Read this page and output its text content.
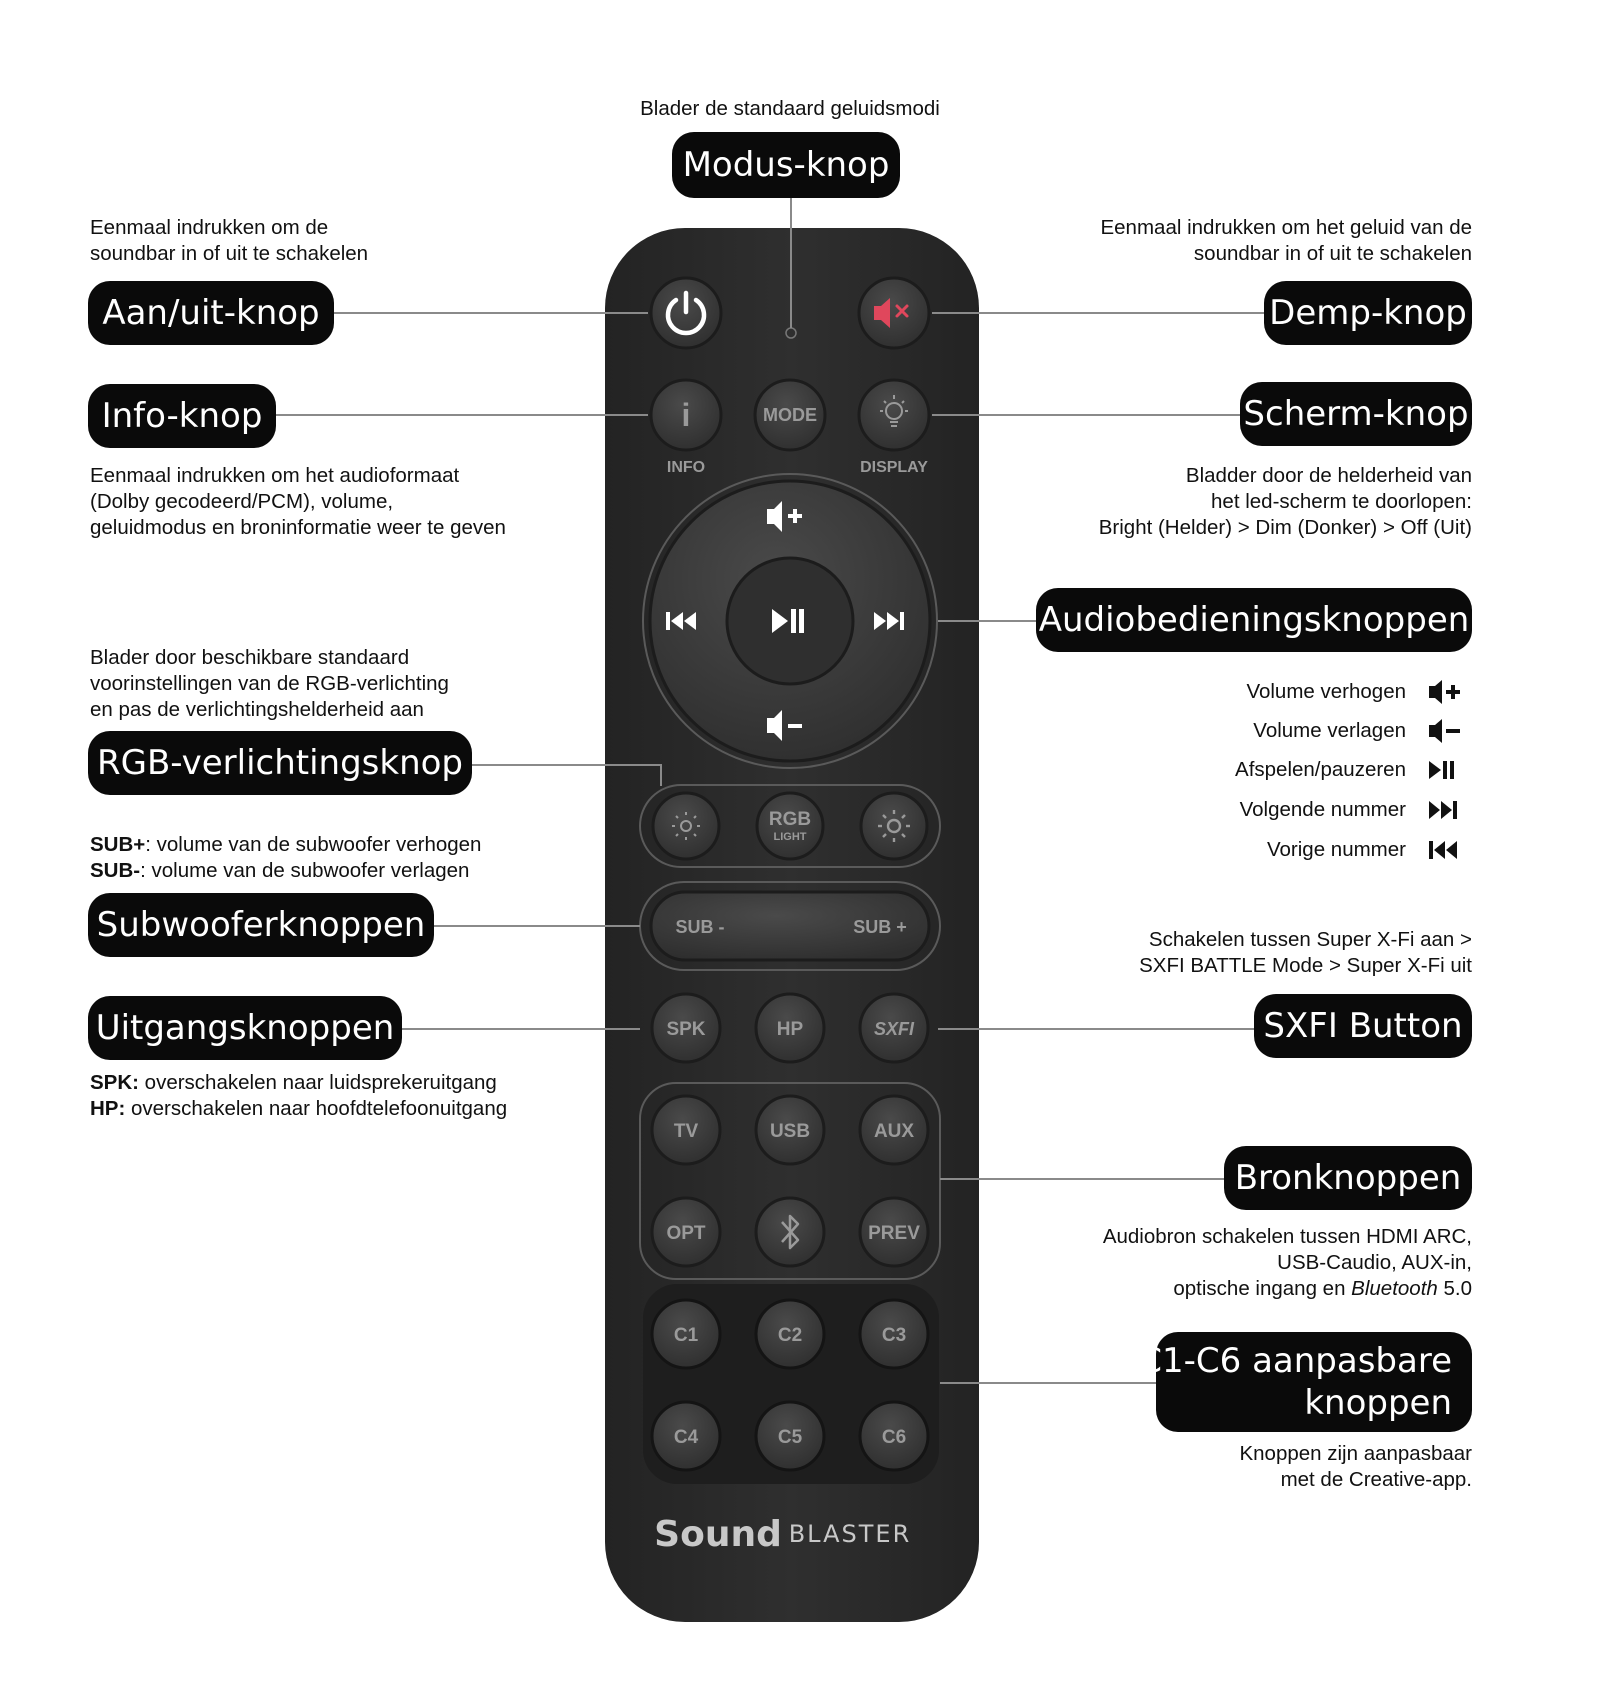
i
INFO
MODE
DISPLAY
RGB
LIGHT
SUB -	SUB +
SPK	HP	SXFI
TV	USB	AUX
OPT	PREV
C1	C2	C3
C4	C5	C6
Sound BLASTER
Eenmaal indrukken om de
soundbar in of uit te schakelen
Aan/uit-knop
Info-knop
Eenmaal indrukken om het audioformaat
(Dolby gecodeerd/PCM), volume,
geluidmodus en broninformatie weer te geven
Blader door beschikbare standaard
voorinstellingen van de RGB-verlichting
en pas de verlichtingshelderheid aan
RGB-verlichtingsknop
SUB+: volume van de subwoofer verhogen
SUB-: volume van de subwoofer verlagen
Subwooferknoppen
Uitgangsknoppen
SPK: overschakelen naar luidsprekeruitgang
HP: overschakelen naar hoofdtelefoonuitgang
Blader de standaard geluidsmodi
Modus-knop
Eenmaal indrukken om het geluid van de
soundbar in of uit te schakelen
Demp-knop
Scherm-knop
Bladder door de helderheid van
het led-scherm te doorlopen:
Bright (Helder) > Dim (Donker) > Off (Uit)
Audiobedieningsknoppen
Volume verhogen
Volume verlagen
Afspelen/pauzeren
Volgende nummer
Vorige nummer
Schakelen tussen Super X-Fi aan >
SXFI BATTLE Mode > Super X-Fi uit
SXFI Button
Bronknoppen
Audiobron schakelen tussen HDMI ARC,
USB-Caudio, AUX-in,
optische ingang en Bluetooth 5.0
C1-C6 aanpasbare
knoppen
Knoppen zijn aanpasbaar
met de Creative-app.
